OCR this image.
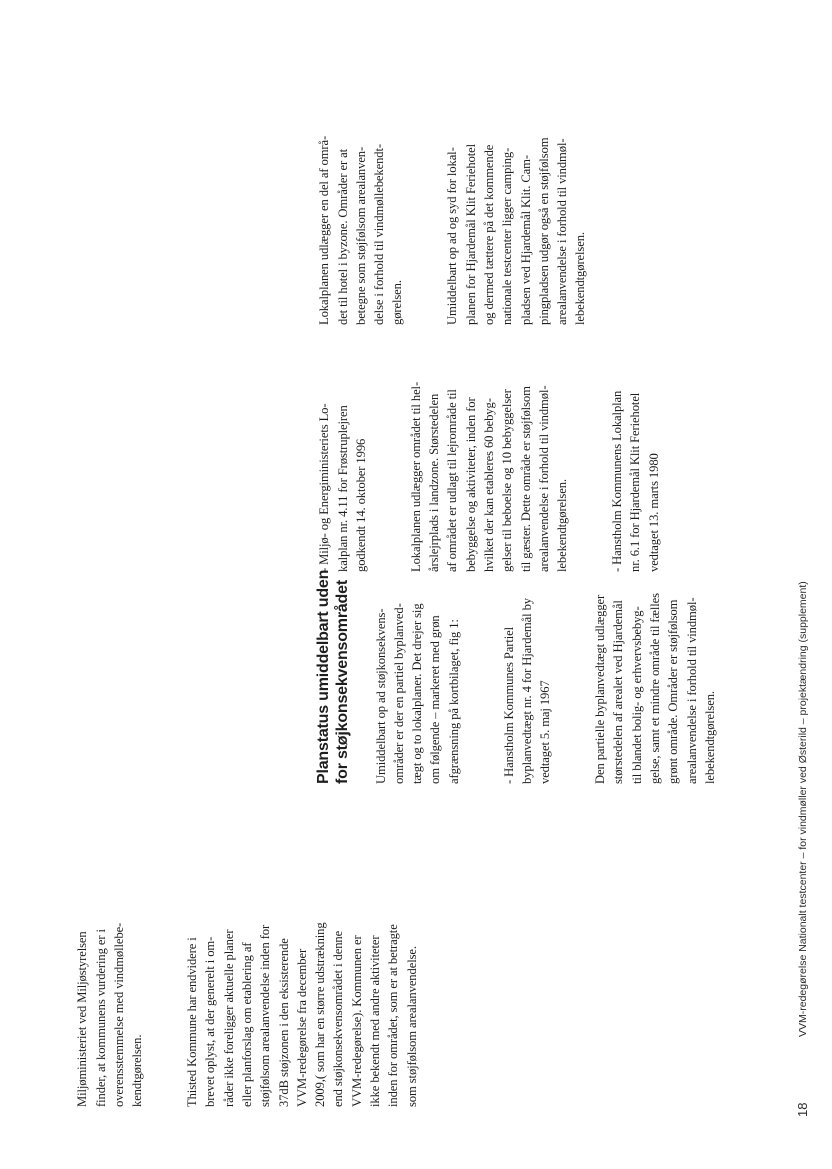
Miljøministeriet ved Miljøstyrelsen
finder, at kommunens vurdering er i
overensstemmelse med vindmøllebe-
kendtgørelsen.	Thisted Kommune har endvidere i
brevet oplyst, at der generelt i om-
råder ikke foreligger aktuelle planer
eller planforslag om etablering af
støjfølsom arealanvendelse inden for
37dB støjzonen i den eksisterende
VVM-redegørelse fra december
2009,( som har en større udstrækning
end støjkonsekvensområdet i denne
VVM-redegørelse). Kommunen er
ikke bekendt med andre aktiviteter
inden for området, som er at betragte
som støjfølsom arealanvendelse.

Planstatus umiddelbart uden
for støjkonsekvensområdet Umiddelbart op ad støjkonsekvens-
områder er der en partiel byplanved-
tægt og to lokalplaner. Det drejer sig
om følgende – markeret med grøn
afgrænsning på kortbilaget, fig 1:

- Hanstholm Kommunes Partiel
byplanvedtægt nr. 4 for Hjardemål by
vedtaget 5. maj 1967

Den partielle byplanvedtægt udlægger
størstedelen af arealet ved Hjardemål
til blandet bolig- og erhvervsbebyg-
gelse, samt et mindre område til fælles
grønt område. Områder er støjfølsom
arealanvendelse i forhold til vindmøl-
lebekendtgørelsen.

- Miljø- og Energiministeriets Lo-
kalplan nr. 4.11 for Frøstruplejren
godkendt 14. oktober 1996

Lokalplanen udlægger området til hel-
årslejrplads i landzone. Størstedelen
af området er udlagt til lejrområde til
bebyggelse og aktiviteter, inden for
hvilket der kan etableres 60 bebyg-
gelser til beboelse og 10 bebyggelser
til gæster. Dette område er støjfølsom
arealanvendelse i forhold til vindmøl-
lebekendtgørelsen.	- Hanstholm Kommunens Lokalplan
nr. 6.1 for Hjardemål Klit Feriehotel
vedtaget 13. marts 1980

Lokalplanen udlægger en del af områ-
det til hotel i byzone. Områder er at
betegne som støjfølsom arealanven-
delse i forhold til vindmøllebekendt-
gørelsen.	Umiddelbart op ad og syd for lokal-
planen for Hjardemål Klit Feriehotel
og dermed tættere på det kommende
nationale testcenter ligger camping-
pladsen ved Hjardemål Klit. Cam-
pingpladsen udgør også en støjfølsom
arealanvendelse i forhold til vindmøl-
lebekendtgørelsen.

18
VVM-redegørelse Nationalt testcenter – for vindmøller ved Østerild – projektændring (supplement)
